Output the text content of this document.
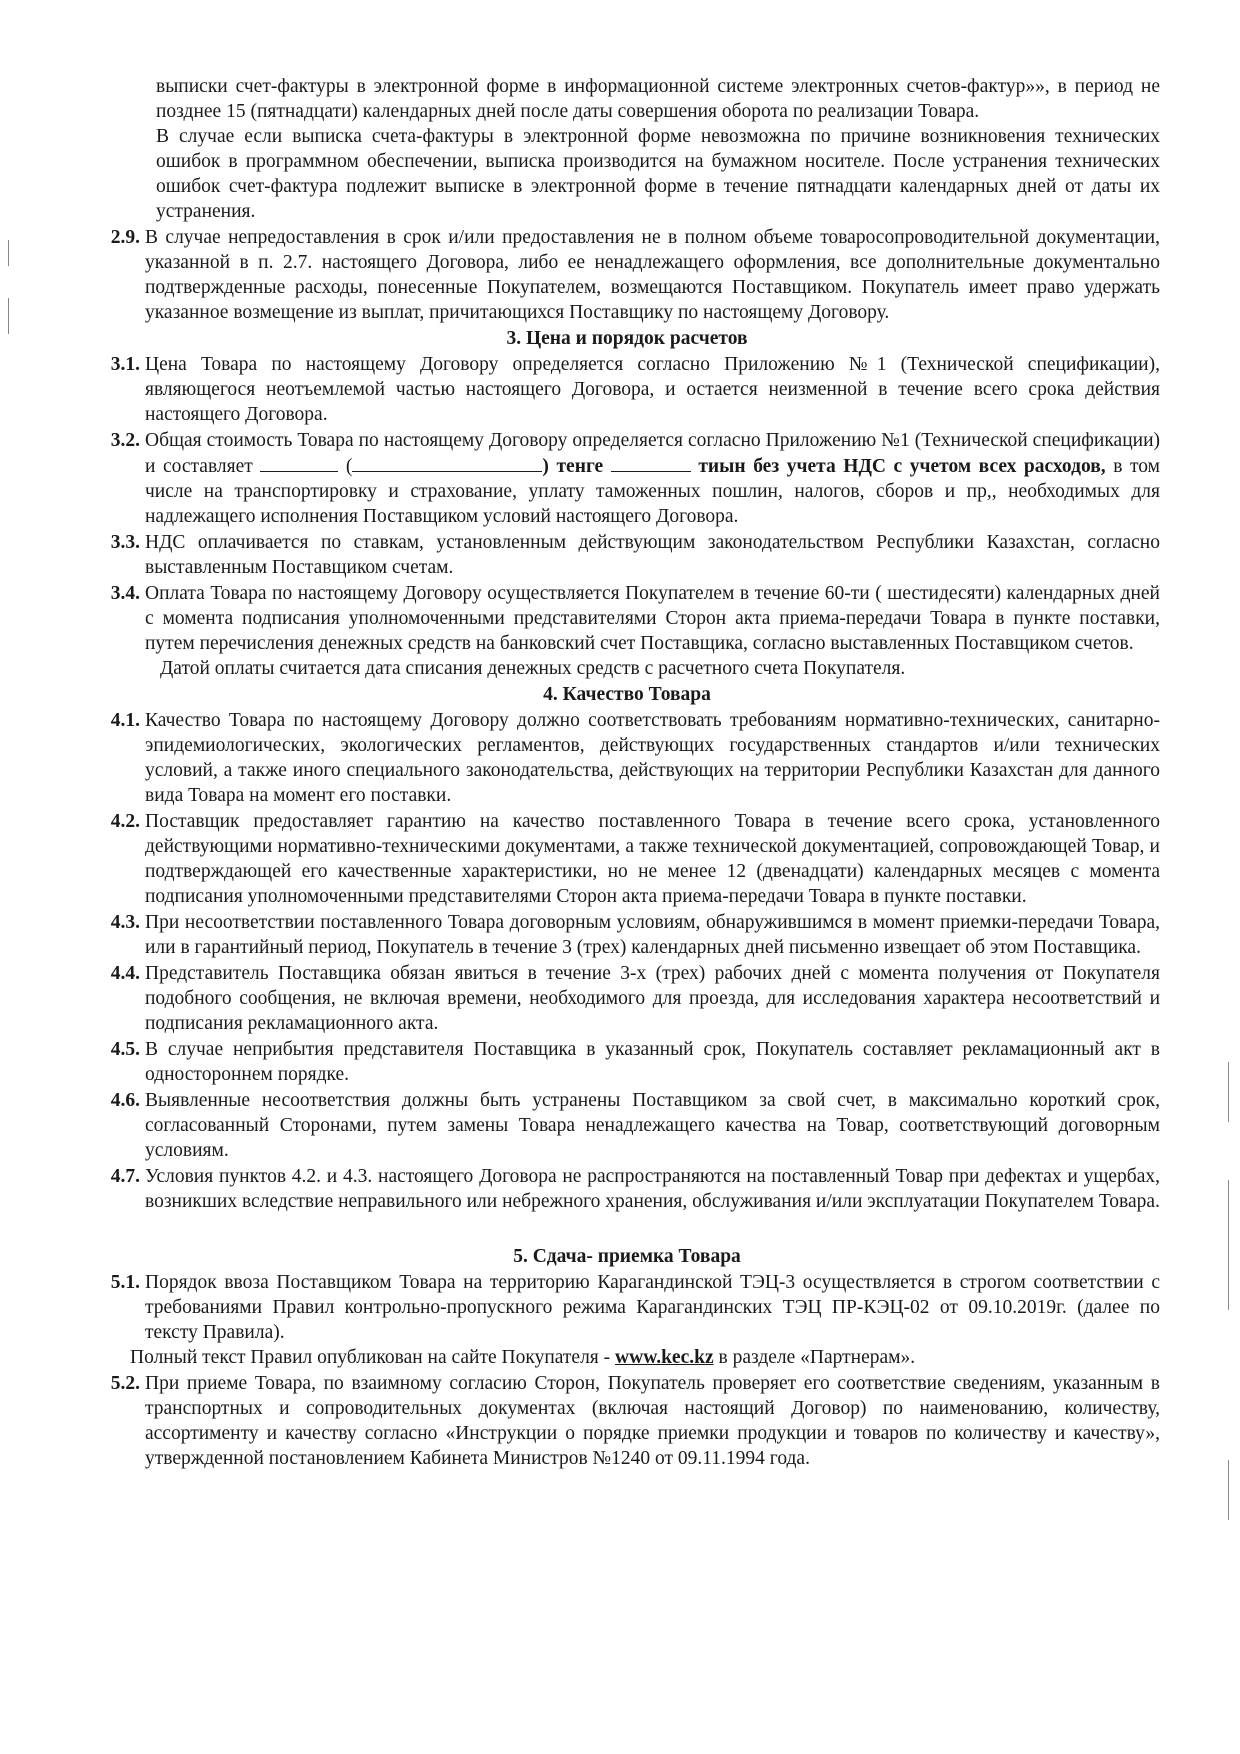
выписки счет-фактуры в электронной форме в информационной системе электронных счетов-фактур»», в период не позднее 15 (пятнадцати) календарных дней после даты совершения оборота по реализации Товара.
В случае если выписка счета-фактуры в электронной форме невозможна по причине возникновения технических ошибок в программном обеспечении, выписка производится на бумажном носителе. После устранения технических ошибок счет-фактура подлежит выписке в электронной форме в течение пятнадцати календарных дней от даты их устранения.
2.9. В случае непредоставления в срок и/или предоставления не в полном объеме товаросопроводительной документации, указанной в п. 2.7. настоящего Договора, либо ее ненадлежащего оформления, все дополнительные документально подтвержденные расходы, понесенные Покупателем, возмещаются Поставщиком. Покупатель имеет право удержать указанное возмещение из выплат, причитающихся Поставщику по настоящему Договору.
3. Цена и порядок расчетов
3.1. Цена Товара по настоящему Договору определяется согласно Приложению №1 (Технической спецификации), являющегося неотъемлемой частью настоящего Договора, и остается неизменной в течение всего срока действия настоящего Договора.
3.2. Общая стоимость Товара по настоящему Договору определяется согласно Приложению №1 (Технической спецификации) и составляет	(	) тенге	тиын без учета НДС с учетом всех расходов, в том числе на транспортировку и страхование, уплату таможенных пошлин, налогов, сборов и пр,, необходимых для надлежащего исполнения Поставщиком условий настоящего Договора.
3.3. НДС оплачивается по ставкам, установленным действующим законодательством Республики Казахстан, согласно выставленным Поставщиком счетам.
3.4. Оплата Товара по настоящему Договору осуществляется Покупателем в течение 60-ти ( шестидесяти) календарных дней с момента подписания уполномоченными представителями Сторон акта приема-передачи Товара в пункте поставки, путем перечисления денежных средств на банковский счет Поставщика, согласно выставленных Поставщиком счетов.
Датой оплаты считается дата списания денежных средств с расчетного счета Покупателя.
4. Качество Товара
4.1. Качество Товара по настоящему Договору должно соответствовать требованиям нормативно-технических, санитарно-эпидемиологических, экологических регламентов, действующих государственных стандартов и/или технических условий, а также иного специального законодательства, действующих на территории Республики Казахстан для данного вида Товара на момент его поставки.
4.2. Поставщик предоставляет гарантию на качество поставленного Товара в течение всего срока, установленного действующими нормативно-техническими документами, а также технической документацией, сопровождающей Товар, и подтверждающей его качественные характеристики, но не менее 12 (двенадцати) календарных месяцев с момента подписания уполномоченными представителями Сторон акта приема-передачи Товара в пункте поставки.
4.3. При несоответствии поставленного Товара договорным условиям, обнаружившимся в момент приемки-передачи Товара, или в гарантийный период, Покупатель в течение 3 (трех) календарных дней письменно извещает об этом Поставщика.
4.4. Представитель Поставщика обязан явиться в течение 3-х (трех) рабочих дней с момента получения от Покупателя подобного сообщения, не включая времени, необходимого для проезда, для исследования характера несоответствий и подписания рекламационного акта.
4.5. В случае неприбытия представителя Поставщика в указанный срок, Покупатель составляет рекламационный акт в одностороннем порядке.
4.6. Выявленные несоответствия должны быть устранены Поставщиком за свой счет, в максимально короткий срок, согласованный Сторонами, путем замены Товара ненадлежащего качества на Товар, соответствующий договорным условиям.
4.7. Условия пунктов 4.2. и 4.3. настоящего Договора не распространяются на поставленный Товар при дефектах и ущербах, возникших вследствие неправильного или небрежного хранения, обслуживания и/или эксплуатации Покупателем Товара.
5. Сдача- приемка Товара
5.1. Порядок ввоза Поставщиком Товара на территорию Карагандинской ТЭЦ-3 осуществляется в строгом соответствии с требованиями Правил контрольно-пропускного режима Карагандинских ТЭЦ ПР-КЭЦ-02 от 09.10.2019г. (далее по тексту Правила).
Полный текст Правил опубликован на сайте Покупателя - www.kec.kz в разделе «Партнерам».
5.2. При приеме Товара, по взаимному согласию Сторон, Покупатель проверяет его соответствие сведениям, указанным в транспортных и сопроводительных документах (включая настоящий Договор) по наименованию, количеству, ассортименту и качеству согласно «Инструкции о порядке приемки продукции и товаров по количеству и качеству», утвержденной постановлением Кабинета Министров №1240 от 09.11.1994 года.
